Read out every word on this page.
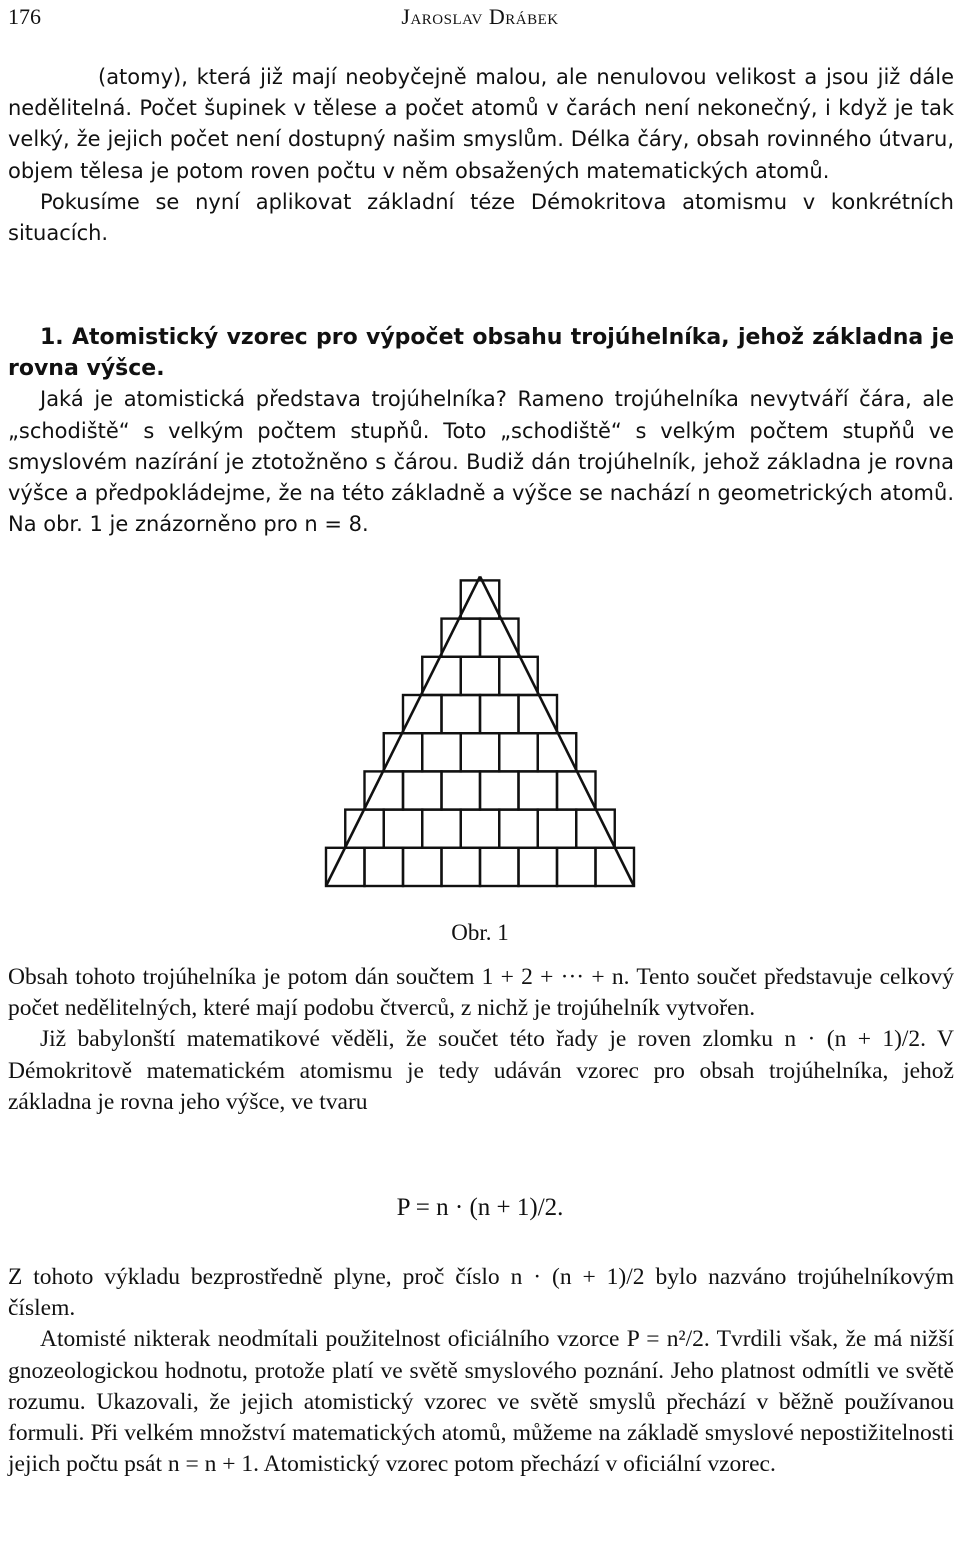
176	Jaroslav Drábek

(atomy), která již mají neobyčejně malou, ale nenulovou velikost a jsou již dále nedělitelná. Počet šupinek v tělese a počet atomů v čarách není nekonečný, i když je tak velký, že jejich počet není dostupný našim smyslům. Délka čáry, obsah rovinného útvaru, objem tělesa je potom roven počtu v něm obsažených matematických atomů.

Pokusíme se nyní aplikovat základní téze Démokritova atomismu v konkrétních situacích.

1. Atomistický vzorec pro výpočet obsahu trojúhelníka, jehož základna je rovna výšce.

Jaká je atomistická představa trojúhelníka? Rameno trojúhelníka nevytváří čára, ale „schodiště“ s velkým počtem stupňů. Toto „schodiště“ s velkým počtem stupňů ve smyslovém nazírání je ztotožněno s čárou. Budiž dán trojúhelník, jehož základna je rovna výšce a předpokládejme, že na této základně a výšce se nachází n geometrických atomů. Na obr. 1 je znázorněno pro n = 8.

Obr. 1

Obsah tohoto trojúhelníka je potom dán součtem 1 + 2 + ··· + n. Tento součet představuje celkový počet nedělitelných, které mají podobu čtverců, z nichž je trojúhelník vytvořen.

Již babylonští matematikové věděli, že součet této řady je roven zlomku n · (n + 1)/2. V Démokritově matematickém atomismu je tedy udáván vzorec pro obsah trojúhelníka, jehož základna je rovna jeho výšce, ve tvaru

P = n · (n + 1)/2.

Z tohoto výkladu bezprostředně plyne, proč číslo n · (n + 1)/2 bylo nazváno trojúhelníkovým číslem.

Atomisté nikterak neodmítali použitelnost oficiálního vzorce P = n²/2. Tvrdili však, že má nižší gnozeologickou hodnotu, protože platí ve světě smyslového poznání. Jeho platnost odmítli ve světě rozumu. Ukazovali, že jejich atomistický vzorec ve světě smyslů přechází v běžně používanou formuli. Při velkém množství matematických atomů, můžeme na základě smyslové nepostižitelnosti jejich počtu psát n = n + 1. Atomistický vzorec potom přechází v oficiální vzorec.
